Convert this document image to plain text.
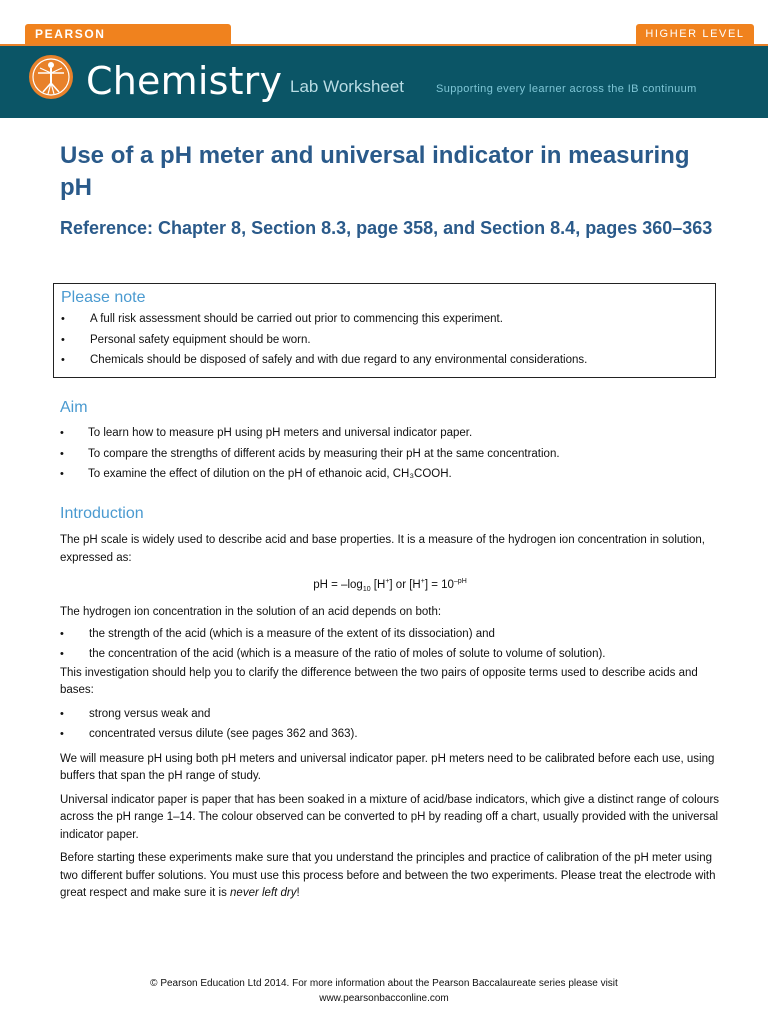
PEARSON	HIGHER LEVEL
Chemistry Lab Worksheet	Supporting every learner across the IB continuum
Use of a pH meter and universal indicator in measuring pH
Reference: Chapter 8, Section 8.3, page 358, and Section 8.4, pages 360–363

Please note

• A full risk assessment should be carried out prior to commencing this experiment.
• Personal safety equipment should be worn.
• Chemicals should be disposed of safely and with due regard to any environmental considerations.

Aim

• To learn how to measure pH using pH meters and universal indicator paper.
• To compare the strengths of different acids by measuring their pH at the same concentration.
• To examine the effect of dilution on the pH of ethanoic acid, CH₃COOH.

Introduction

The pH scale is widely used to describe acid and base properties. It is a measure of the hydrogen ion concentration in solution, expressed as:

pH = $-\log_{10}$ [H+] or $[H^+] = 10^{-pH}$

The hydrogen ion concentration in the solution of an acid depends on both:

• the strength of the acid (which is a measure of the extent of its dissociation) and
• the concentration of the acid (which is a measure of the ratio of moles of solute to volume of solution).

This investigation should help you to clarify the difference between the two pairs of opposite terms used to describe acids and bases:

• strong versus weak and
• concentrated versus dilute (see pages 362 and 363).

We will measure pH using both pH meters and universal indicator paper. pH meters need to be calibrated before each use, using buffers that span the pH range of study.

Universal indicator paper is paper that has been soaked in a mixture of acid/base indicators, which give a distinct range of colours across the pH range 1–14. The colour observed can be converted to pH by reading off a chart, usually provided with the universal indicator paper.

Before starting these experiments make sure that you understand the principles and practice of calibration of the pH meter using two different buffer solutions. You must use this process before and between the two experiments. Please treat the electrode with great respect and make sure it is never left dry!

© Pearson Education Ltd 2014. For more information about the Pearson Baccalaureate series please visit
www.pearsonbacconline.com
